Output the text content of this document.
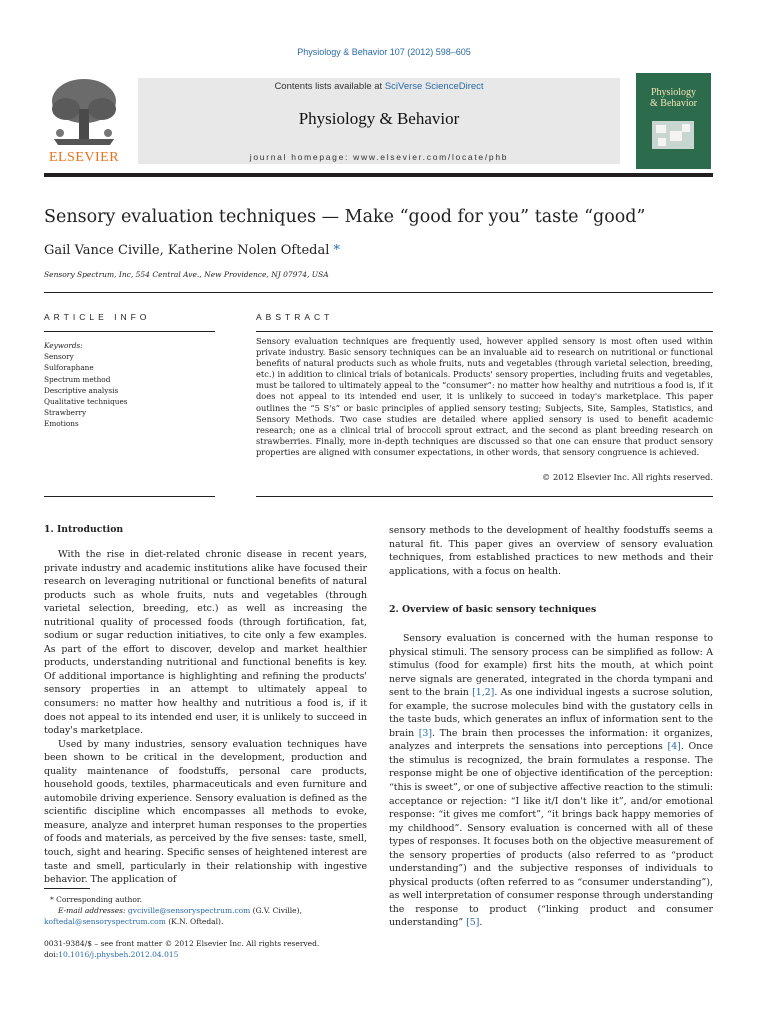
Physiology & Behavior 107 (2012) 598–605
ELSEVIER
Contents lists available at SciVerse ScienceDirect
Physiology & Behavior
journal homepage: www.elsevier.com/locate/phb
Physiology
& Behavior
Sensory evaluation techniques — Make “good for you” taste “good”
Gail Vance Civille, Katherine Nolen Oftedal *
Sensory Spectrum, Inc, 554 Central Ave., New Providence, NJ 07974, USA
ARTICLE INFO	ABSTRACT
Keywords:
Sensory
Sulforaphane
Spectrum method
Descriptive analysis
Qualitative techniques
Strawberry
Emotions
Sensory evaluation techniques are frequently used, however applied sensory is most often used within private industry. Basic sensory techniques can be an invaluable aid to research on nutritional or functional benefits of natural products such as whole fruits, nuts and vegetables (through varietal selection, breeding, etc.) in addition to clinical trials of botanicals. Products' sensory properties, including fruits and vegetables, must be tailored to ultimately appeal to the “consumer”: no matter how healthy and nutritious a food is, if it does not appeal to its intended end user, it is unlikely to succeed in today's marketplace. This paper outlines the “5 S's” or basic principles of applied sensory testing; Subjects, Site, Samples, Statistics, and Sensory Methods. Two case studies are detailed where applied sensory is used to benefit academic research; one as a clinical trial of broccoli sprout extract, and the second as plant breeding research on strawberries. Finally, more in-depth techniques are discussed so that one can ensure that product sensory properties are aligned with consumer expectations, in other words, that sensory congruence is achieved.
© 2012 Elsevier Inc. All rights reserved.
1. Introduction

With the rise in diet-related chronic disease in recent years, private industry and academic institutions alike have focused their research on leveraging nutritional or functional benefits of natural products such as whole fruits, nuts and vegetables (through varietal selection, breeding, etc.) as well as increasing the nutritional quality of processed foods (through fortification, fat, sodium or sugar reduction initiatives, to cite only a few examples. As part of the effort to discover, develop and market healthier products, understanding nutritional and functional benefits is key. Of additional importance is highlighting and refining the products' sensory properties in an attempt to ultimately appeal to consumers: no matter how healthy and nutritious a food is, if it does not appeal to its intended end user, it is unlikely to succeed in today's marketplace.

Used by many industries, sensory evaluation techniques have been shown to be critical in the development, production and quality maintenance of foodstuffs, personal care products, household goods, textiles, pharmaceuticals and even furniture and automobile driving experience. Sensory evaluation is defined as the scientific discipline which encompasses all methods to evoke, measure, analyze and interpret human responses to the properties of foods and materials, as perceived by the five senses: taste, smell, touch, sight and hearing. Specific senses of heightened interest are taste and smell, particularly in their relationship with ingestive behavior. The application of

* Corresponding author.
E-mail addresses: gvciville@sensoryspectrum.com (G.V. Civille),
koftedal@sensoryspectrum.com (K.N. Oftedal).
0031-9384/$ – see front matter © 2012 Elsevier Inc. All rights reserved.
doi:10.1016/j.physbeh.2012.04.015

sensory methods to the development of healthy foodstuffs seems a natural fit. This paper gives an overview of sensory evaluation techniques, from established practices to new methods and their applications, with a focus on health.

2. Overview of basic sensory techniques

Sensory evaluation is concerned with the human response to physical stimuli. The sensory process can be simplified as follow: A stimulus (food for example) first hits the mouth, at which point nerve signals are generated, integrated in the chorda tympani and sent to the brain [1,2]. As one individual ingests a sucrose solution, for example, the sucrose molecules bind with the gustatory cells in the taste buds, which generates an influx of information sent to the brain [3]. The brain then processes the information: it organizes, analyzes and interprets the sensations into perceptions [4]. Once the stimulus is recognized, the brain formulates a response. The response might be one of objective identification of the perception: “this is sweet”, or one of subjective affective reaction to the stimuli: acceptance or rejection: “I like it/I don't like it”, and/or emotional response: “it gives me comfort”, “it brings back happy memories of my childhood”. Sensory evaluation is concerned with all of these types of responses. It focuses both on the objective measurement of the sensory properties of products (also referred to as “product understanding”) and the subjective responses of individuals to physical products (often referred to as “consumer understanding”), as well interpretation of consumer response through understanding the response to product (“linking product and consumer understanding” [5].
